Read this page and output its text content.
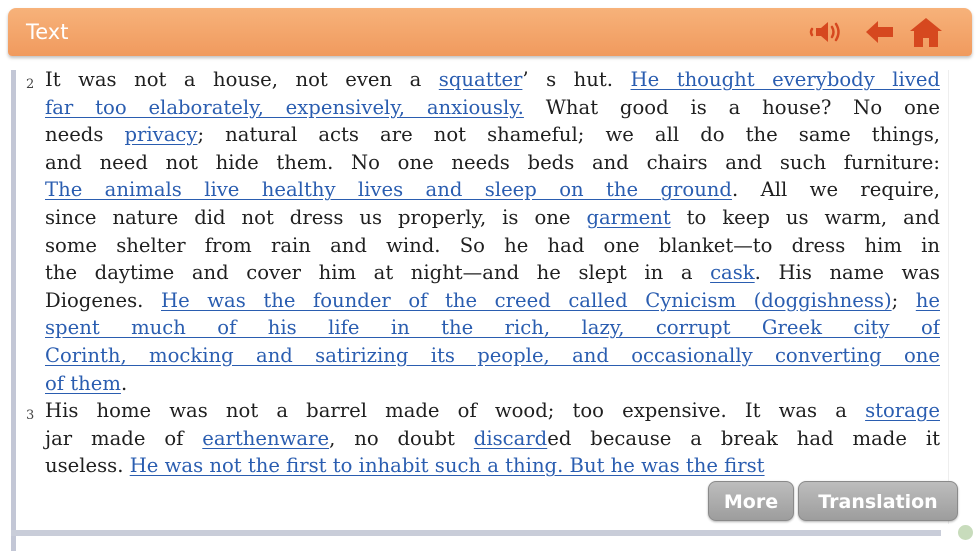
Text
2 It was not a house, not even a squatter’ s hut. He thought everybody lived
far too elaborately, expensively, anxiously. What good is a house? No one
needs privacy; natural acts are not shameful; we all do the same things,
and need not hide them. No one needs beds and chairs and such furniture:
The animals live healthy lives and sleep on the ground. All we require,
since nature did not dress us properly, is one garment to keep us warm, and
some shelter from rain and wind. So he had one blanket—to dress him in
the daytime and cover him at night—and he slept in a cask. His name was
Diogenes. He was the founder of the creed called Cynicism (doggishness); he
spent much of his life in the rich, lazy, corrupt Greek city of
Corinth, mocking and satirizing its people, and occasionally converting one
of them.
3 His home was not a barrel made of wood; too expensive. It was a storage
jar made of earthenware, no doubt discarded because a break had made it
useless. He was not the first to inhabit such a thing. But he was the first
More	Translation
